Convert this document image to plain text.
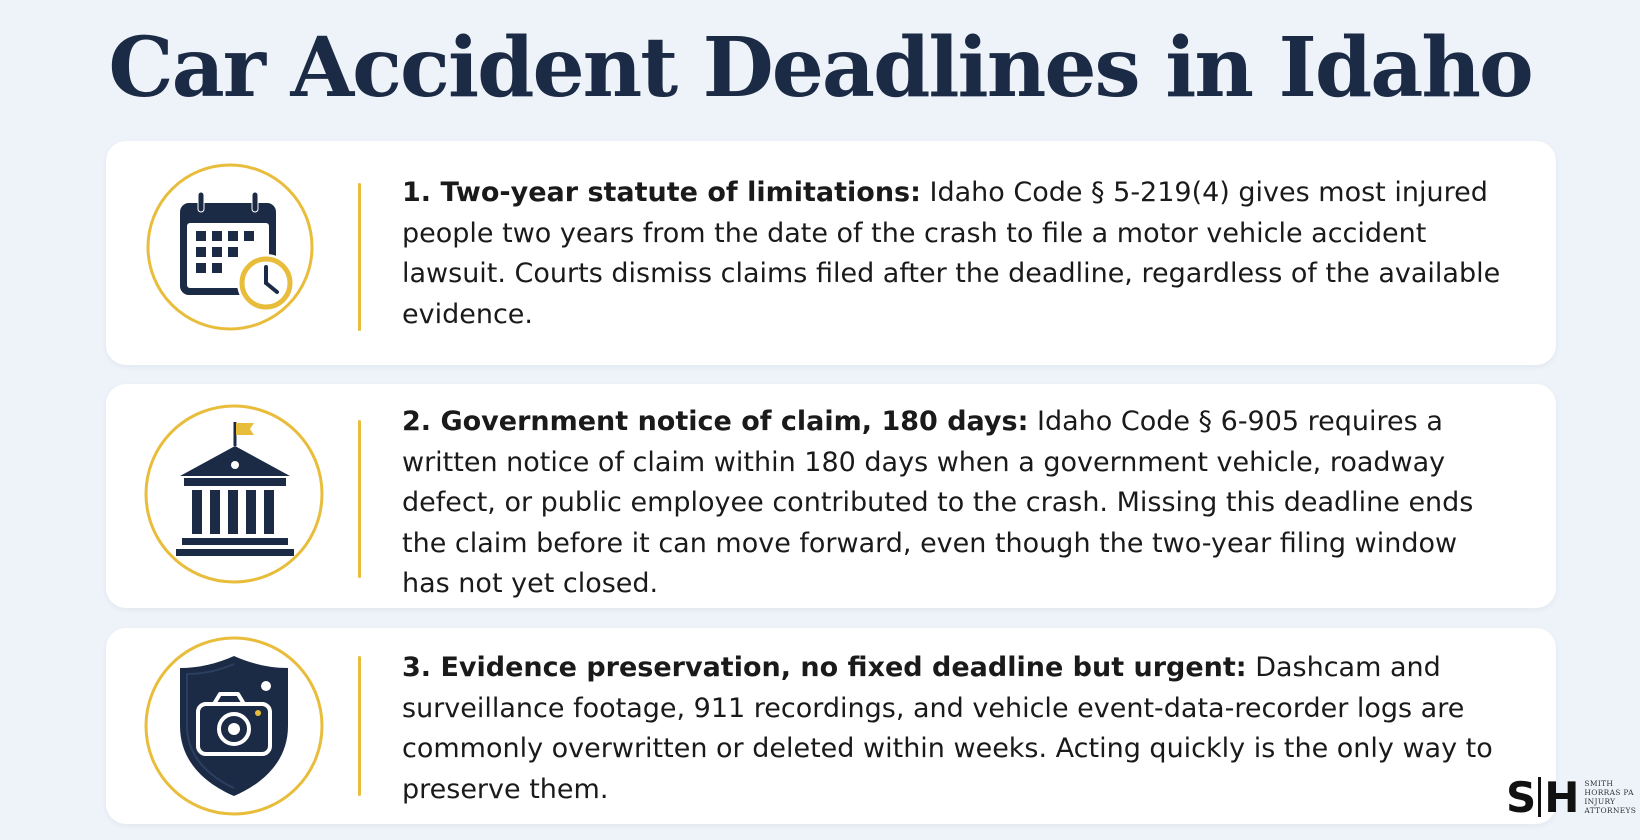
Car Accident Deadlines in Idaho
1. Two-year statute of limitations: Idaho Code § 5-219(4) gives most injured people two years from the date of the crash to file a motor vehicle accident lawsuit. Courts dismiss claims filed after the deadline, regardless of the available evidence.
2. Government notice of claim, 180 days: Idaho Code § 6-905 requires a written notice of claim within 180 days when a government vehicle, roadway defect, or public employee contributed to the crash. Missing this deadline ends the claim before it can move forward, even though the two-year filing window has not yet closed.
3. Evidence preservation, no fixed deadline but urgent: Dashcam and surveillance footage, 911 recordings, and vehicle event-data-recorder logs are commonly overwritten or deleted within weeks. Acting quickly is the only way to preserve them.	S H SMITH
HORRAS PA
INJURY
ATTORNEYS
